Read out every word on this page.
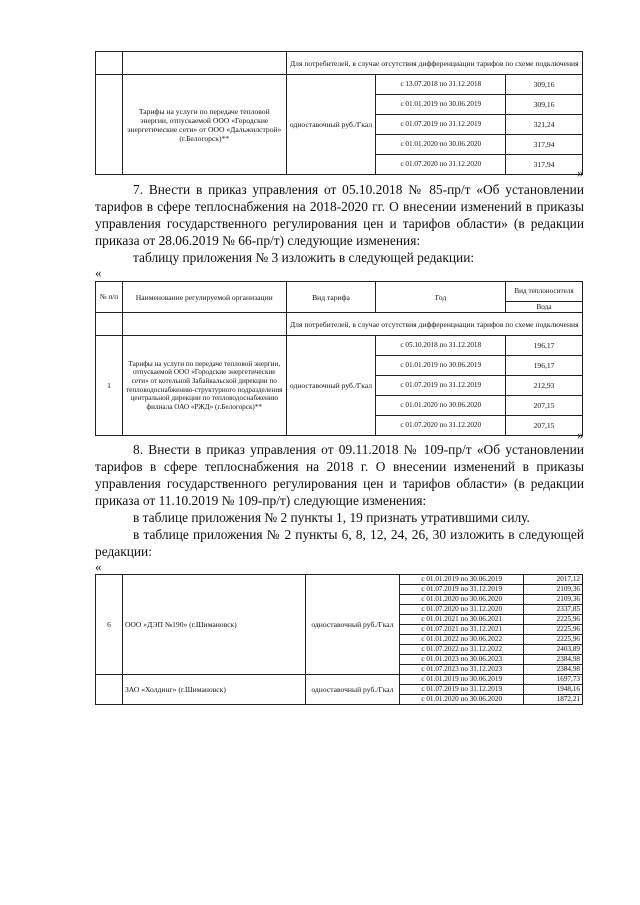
		Для потребителей, в случае отсутствия дифференциации тарифов по схеме подключения		
	Тарифы на услуги по передаче тепловой энергии, отпускаемой ООО «Городские энергетические сети» от ООО «Дальжилстрой» (г.Белогорск)**	одноставочный руб./Гкал	с 13.07.2018 по 31.12.2018	309,16
			с 01.01.2019 по 30.06.2019	309,16
			с 01.07.2019 по 31.12.2019	321,24
			с 01.01.2020 по 30.06.2020	317,94
			с 01.07.2020 по 31.12.2020	317,94
»

7. Внести в приказ управления от 05.10.2018 № 85-пр/т «Об установлении тарифов в сфере теплоснабжения на 2018-2020 гг. О внесении изменений в приказы управления государственного регулирования цен и тарифов области» (в редакции приказа от 28.06.2019 № 66-пр/т) следующие изменения:

таблицу приложения № 3 изложить в следующей редакции:

«
№ п/п	Наименование регулируемой организации	Вид тарифа	Год	Вид теплоносителя
				Вода
		Для потребителей, в случае отсутствия дифференциации тарифов по схеме подключения		
1	Тарифы на услуги по передаче тепловой энергии, отпускаемой ООО «Городские энергетические сети» от котельной Забайкальской дирекции по тепловодоснабжению-структурного подразделения центральной дирекции по тепловодоснабжению филиала ОАО «РЖД» (г.Белогорск)**	одноставочный руб./Гкал	с 05.10.2018 по 31.12.2018	196,17
			с 01.01.2019 по 30.06.2019	196,17
			с 01.07.2019 по 31.12.2019	212,93
			с 01.01.2020 по 30.06.2020	207,15
			с 01.07.2020 по 31.12.2020	207,15
»

8. Внести в приказ управления от 09.11.2018 № 109-пр/т «Об установлении тарифов в сфере теплоснабжения на 2018 г. О внесении изменений в приказы управления государственного регулирования цен и тарифов области» (в редакции приказа от 11.10.2019 № 109-пр/т) следующие изменения:

в таблице приложения № 2 пункты 1, 19 признать утратившими силу.

в таблице приложения № 2 пункты 6, 8, 12, 24, 26, 30 изложить в следующей редакции:

«
6	ООО «ДЭП №190» (г.Шимановск)	одноставочный руб./Гкал	с 01.01.2019 по 30.06.2019	2017,12
			с 01.07.2019 по 31.12.2019	2109,36
			с 01.01.2020 по 30.06.2020	2109,36
			с 01.07.2020 по 31.12.2020	2337,85
			с 01.01.2021 по 30.06.2021	2225,96
			с 01.07.2021 по 31.12.2021	2225,96
			с 01.01.2022 по 30.06.2022	2225,96
			с 01.07.2022 по 31.12.2022	2403,89
			с 01.01.2023 по 30.06.2023	2384,98
			с 01.07.2023 по 31.12.2023	2384,98
	ЗАО «Холдинг» (г.Шимановск)	одноставочный руб./Гкал	с 01.01.2019 по 30.06.2019	1697,73
			с 01.07.2019 по 31.12.2019	1948,16
			с 01.01.2020 по 30.06.2020	1872,21
